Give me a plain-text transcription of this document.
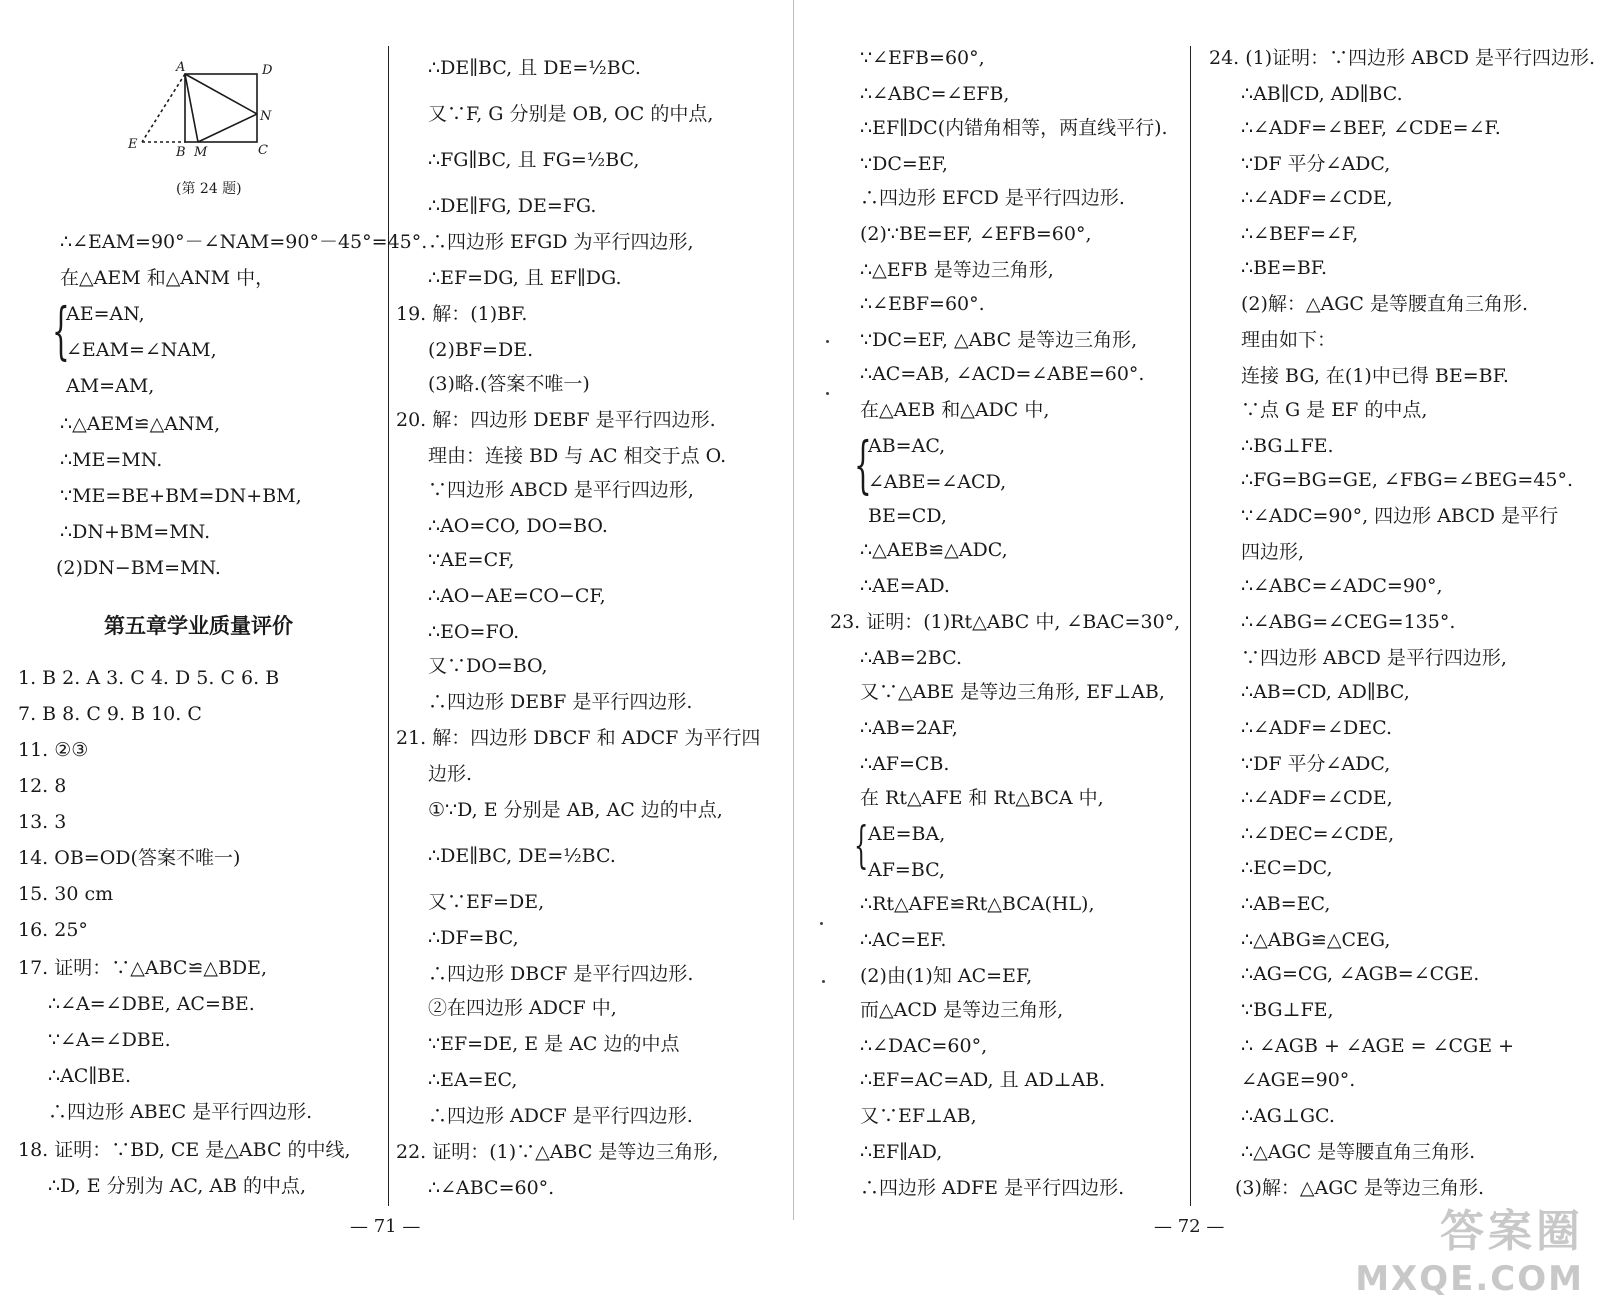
A	D
N
E
B M	C
(第 24 题)
∴∠EAM=90°－∠NAM=90°－45°=45°.
在△AEM 和△ANM 中，
{
AE=AN,
∠EAM=∠NAM,
AM=AM,
∴△AEM≌△ANM,
∴ME=MN.
∵ME=BE+BM=DN+BM,
∴DN+BM=MN.
(2)DN−BM=MN.
第五章学业质量评价
1. B 2. A 3. C 4. D 5. C 6. B
7. B 8. C 9. B 10. C
11. ②③
12. 8
13. 3
14. OB=OD(答案不唯一)
15. 30 cm
16. 25°
17. 证明：∵△ABC≌△BDE,
∴∠A=∠DBE, AC=BE.
∵∠A=∠DBE.
∴AC∥BE.
∴四边形 ABEC 是平行四边形.
18. 证明：∵BD, CE 是△ABC 的中线,
∴D, E 分别为 AC, AB 的中点,
∴DE∥BC, 且 DE=½BC.
又∵F, G 分别是 OB, OC 的中点,
∴FG∥BC, 且 FG=½BC,
∴DE∥FG, DE=FG.
∴四边形 EFGD 为平行四边形,
∴EF=DG, 且 EF∥DG.
19. 解：(1)BF.
(2)BF=DE.
(3)略.(答案不唯一)
20. 解：四边形 DEBF 是平行四边形.
理由：连接 BD 与 AC 相交于点 O.
∵四边形 ABCD 是平行四边形,
∴AO=CO, DO=BO.
∵AE=CF,
∴AO−AE=CO−CF,
∴EO=FO.
又∵DO=BO,
∴四边形 DEBF 是平行四边形.
21. 解：四边形 DBCF 和 ADCF 为平行四
边形.
①∵D, E 分别是 AB, AC 边的中点,
∴DE∥BC, DE=½BC.
又∵EF=DE,
∴DF=BC,
∴四边形 DBCF 是平行四边形.
②在四边形 ADCF 中,
∵EF=DE, E 是 AC 边的中点
∴EA=EC,
∴四边形 ADCF 是平行四边形.
22. 证明：(1)∵△ABC 是等边三角形,
∴∠ABC=60°.
∵∠EFB=60°,
∴∠ABC=∠EFB,
∴EF∥DC(内错角相等，两直线平行).
∵DC=EF,
∴四边形 EFCD 是平行四边形.
(2)∵BE=EF, ∠EFB=60°,
∴△EFB 是等边三角形,
∴∠EBF=60°.
∵DC=EF, △ABC 是等边三角形,
∴AC=AB, ∠ACD=∠ABE=60°.
在△AEB 和△ADC 中,
{
AB=AC,
∠ABE=∠ACD,
BE=CD,
∴△AEB≌△ADC,
∴AE=AD.
23. 证明：(1)Rt△ABC 中, ∠BAC=30°,
∴AB=2BC.
又∵△ABE 是等边三角形, EF⊥AB,
∴AB=2AF,
∴AF=CB.
在 Rt△AFE 和 Rt△BCA 中,
{ AE=BA,
AF=BC,
∴Rt△AFE≌Rt△BCA(HL),
∴AC=EF.
(2)由(1)知 AC=EF,
而△ACD 是等边三角形,
∴∠DAC=60°,
∴EF=AC=AD, 且 AD⊥AB.
又∵EF⊥AB,
∴EF∥AD,
∴四边形 ADFE 是平行四边形.
24. (1)证明：∵四边形 ABCD 是平行四边形.
∴AB∥CD, AD∥BC.
∴∠ADF=∠BEF, ∠CDE=∠F.
∵DF 平分∠ADC,
∴∠ADF=∠CDE,
∴∠BEF=∠F,
∴BE=BF.
(2)解：△AGC 是等腰直角三角形.
理由如下：
连接 BG, 在(1)中已得 BE=BF.
∵点 G 是 EF 的中点,
∴BG⊥FE.
∴FG=BG=GE, ∠FBG=∠BEG=45°.
∵∠ADC=90°, 四边形 ABCD 是平行
四边形,
∴∠ABC=∠ADC=90°,
∴∠ABG=∠CEG=135°.
∵四边形 ABCD 是平行四边形,
∴AB=CD, AD∥BC,
∴∠ADF=∠DEC.
∵DF 平分∠ADC,
∴∠ADF=∠CDE,
∴∠DEC=∠CDE,
∴EC=DC,
∴AB=EC,
∴△ABG≌△CEG,
∴AG=CG, ∠AGB=∠CGE.
∵BG⊥FE,
∴ ∠AGB + ∠AGE = ∠CGE +
∠AGE=90°.
∴AG⊥GC.
∴△AGC 是等腰直角三角形.
(3)解：△AGC 是等边三角形.
— 71 —	— 72 —	答案圈
MXQE.COM
